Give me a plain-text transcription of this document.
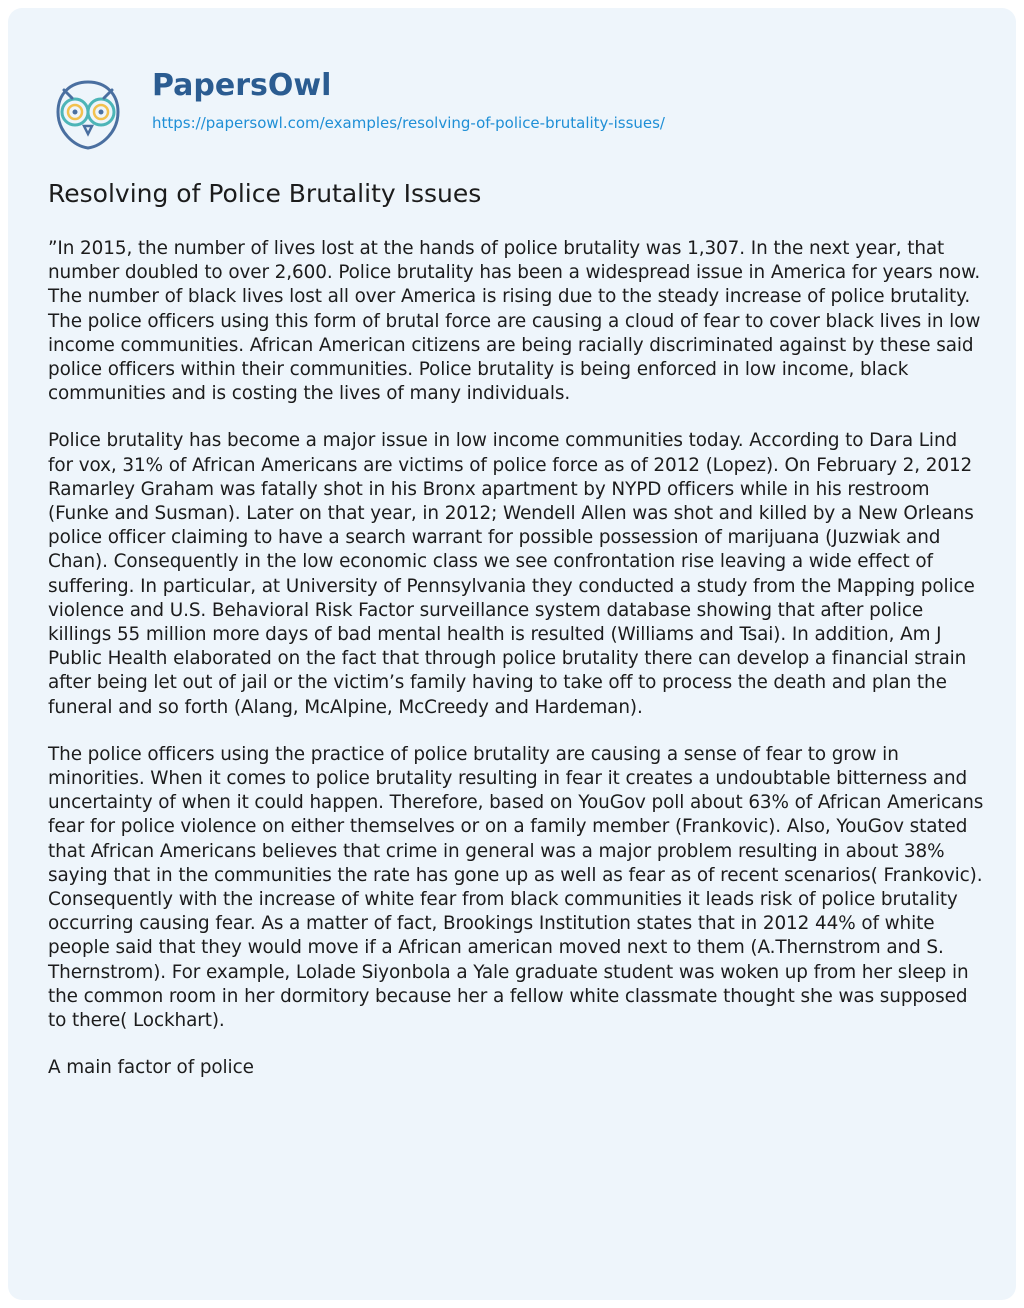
PapersOwl
https://papersowl.com/examples/resolving-of-police-brutality-issues/
Resolving of Police Brutality Issues

”In 2015, the number of lives lost at the hands of police brutality was 1,307. In the next year, that number doubled to over 2,600. Police brutality has been a widespread issue in America for years now. The number of black lives lost all over America is rising due to the steady increase of police brutality. The police officers using this form of brutal force are causing a cloud of fear to cover black lives in low income communities. African American citizens are being racially discriminated against by these said police officers within their communities. Police brutality is being enforced in low income, black communities and is costing the lives of many individuals.

Police brutality has become a major issue in low income communities today. According to Dara Lind for vox, 31% of African Americans are victims of police force as of 2012 (Lopez). On February 2, 2012 Ramarley Graham was fatally shot in his Bronx apartment by NYPD officers while in his restroom (Funke and Susman). Later on that year, in 2012; Wendell Allen was shot and killed by a New Orleans police officer claiming to have a search warrant for possible possession of marijuana (Juzwiak and Chan). Consequently in the low economic class we see confrontation rise leaving a wide effect of suffering. In particular, at University of Pennsylvania they conducted a study from the Mapping police violence and U.S. Behavioral Risk Factor surveillance system database showing that after police killings 55 million more days of bad mental health is resulted (Williams and Tsai). In addition, Am J Public Health elaborated on the fact that through police brutality there can develop a financial strain after being let out of jail or the victim’s family having to take off to process the death and plan the funeral and so forth (Alang, McAlpine, McCreedy and Hardeman).

The police officers using the practice of police brutality are causing a sense of fear to grow in minorities. When it comes to police brutality resulting in fear it creates a undoubtable bitterness and uncertainty of when it could happen. Therefore, based on YouGov poll about 63% of African Americans fear for police violence on either themselves or on a family member (Frankovic). Also, YouGov stated that African Americans believes that crime in general was a major problem resulting in about 38% saying that in the communities the rate has gone up as well as fear as of recent scenarios( Frankovic). Consequently with the increase of white fear from black communities it leads risk of police brutality occurring causing fear. As a matter of fact, Brookings Institution states that in 2012 44% of white people said that they would move if a African american moved next to them (A.Thernstrom and S. Thernstrom). For example, Lolade Siyonbola a Yale graduate student was woken up from her sleep in the common room in her dormitory because her a fellow white classmate thought she was supposed to there( Lockhart).

A main factor of police
